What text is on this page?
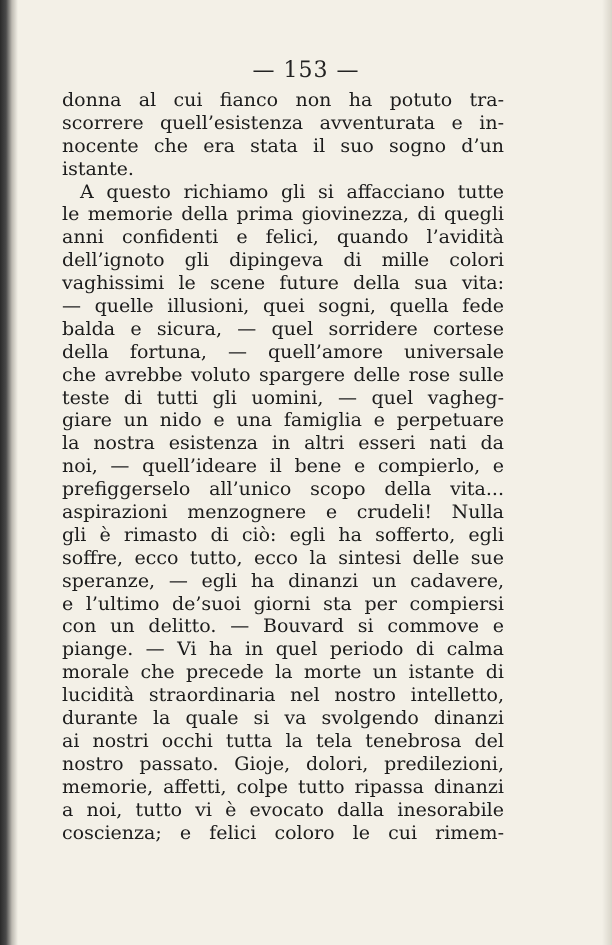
— 153 —
donna al cui fianco non ha potuto tra-
scorrere quell’esistenza avventurata e in-
nocente che era stata il suo sogno d’un
istante.
A questo richiamo gli si affacciano tutte
le memorie della prima giovinezza, di quegli
anni confidenti e felici, quando l’avidità
dell’ignoto gli dipingeva di mille colori
vaghissimi le scene future della sua vita:
— quelle illusioni, quei sogni, quella fede
balda e sicura, — quel sorridere cortese
della fortuna, — quell’amore universale
che avrebbe voluto spargere delle rose sulle
teste di tutti gli uomini, — quel vagheg-
giare un nido e una famiglia e perpetuare
la nostra esistenza in altri esseri nati da
noi, — quell’ideare il bene e compierlo, e
prefiggerselo all’unico scopo della vita...
aspirazioni menzognere e crudeli! Nulla
gli è rimasto di ciò: egli ha sofferto, egli
soffre, ecco tutto, ecco la sintesi delle sue
speranze, — egli ha dinanzi un cadavere,
e l’ultimo de’suoi giorni sta per compiersi
con un delitto. — Bouvard si commove e
piange. — Vi ha in quel periodo di calma
morale che precede la morte un istante di
lucidità straordinaria nel nostro intelletto,
durante la quale si va svolgendo dinanzi
ai nostri occhi tutta la tela tenebrosa del
nostro passato. Gioje, dolori, predilezioni,
memorie, affetti, colpe tutto ripassa dinanzi
a noi, tutto vi è evocato dalla inesorabile
coscienza; e felici coloro le cui rimem-
